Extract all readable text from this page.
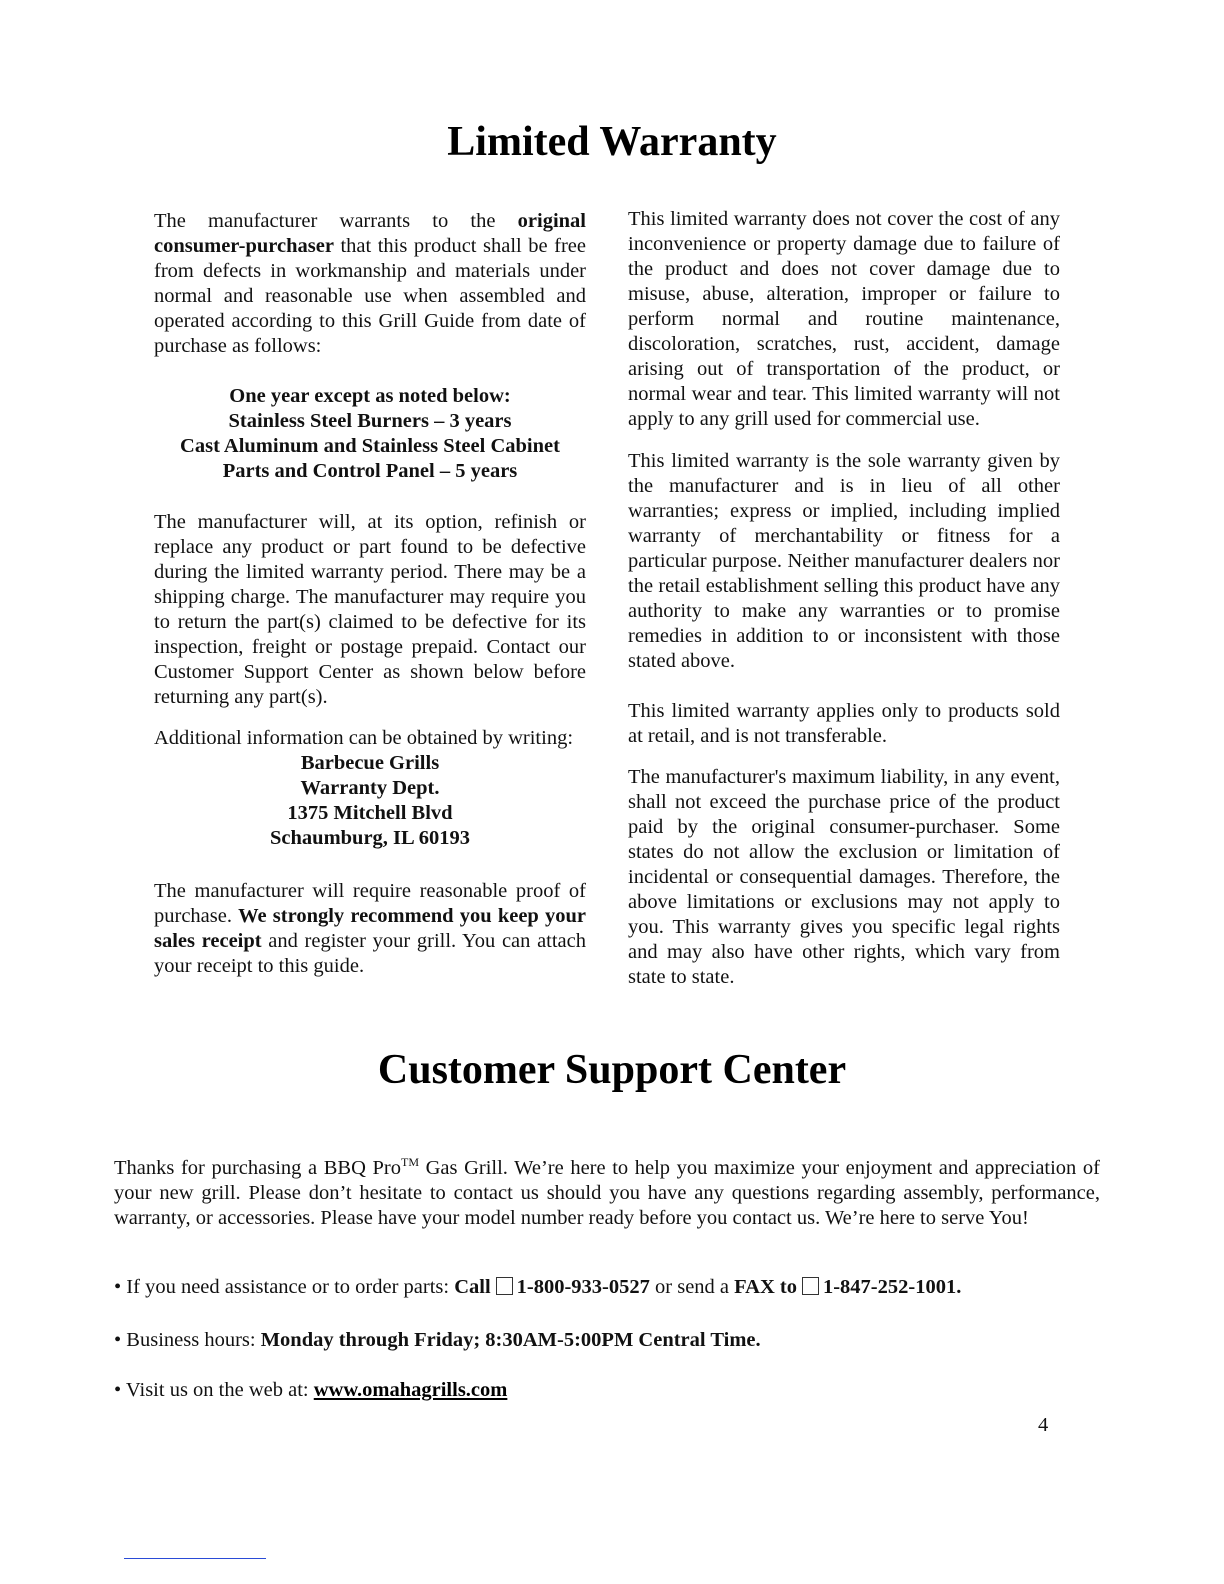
Limited Warranty

The manufacturer warrants to the original consumer-purchaser that this product shall be free from defects in workmanship and materials under normal and reasonable use when assembled and operated according to this Grill Guide from date of purchase as follows:

One year except as noted below:
Stainless Steel Burners – 3 years
Cast Aluminum and Stainless Steel Cabinet
Parts and Control Panel – 5 years

The manufacturer will, at its option, refinish or replace any product or part found to be defective during the limited warranty period. There may be a shipping charge. The manufacturer may require you to return the part(s) claimed to be defective for its inspection, freight or postage prepaid. Contact our Customer Support Center as shown below before returning any part(s).

Additional information can be obtained by writing:

Barbecue Grills
Warranty Dept.
1375 Mitchell Blvd
Schaumburg, IL 60193

The manufacturer will require reasonable proof of purchase. We strongly recommend you keep your sales receipt and register your grill. You can attach your receipt to this guide.

This limited warranty does not cover the cost of any inconvenience or property damage due to failure of the product and does not cover damage due to misuse, abuse, alteration, improper or failure to perform normal and routine maintenance, discoloration, scratches, rust, accident, damage arising out of transportation of the product, or normal wear and tear. This limited warranty will not apply to any grill used for commercial use.

This limited warranty is the sole warranty given by the manufacturer and is in lieu of all other warranties; express or implied, including implied warranty of merchantability or fitness for a particular purpose. Neither manufacturer dealers nor the retail establishment selling this product have any authority to make any warranties or to promise remedies in addition to or inconsistent with those stated above.

This limited warranty applies only to products sold at retail, and is not transferable.

The manufacturer's maximum liability, in any event, shall not exceed the purchase price of the product paid by the original consumer-purchaser. Some states do not allow the exclusion or limitation of incidental or consequential damages. Therefore, the above limitations or exclusions may not apply to you. This warranty gives you specific legal rights and may also have other rights, which vary from state to state.

Customer Support Center

Thanks for purchasing a BBQ Pro™ Gas Grill. We’re here to help you maximize your enjoyment and appreciation of your new grill. Please don’t hesitate to contact us should you have any questions regarding assembly, performance, warranty, or accessories. Please have your model number ready before you contact us. We’re here to serve You!

• If you need assistance or to order parts: Call 1-800-933-0527 or send a FAX to 1-847-252-1001.
• Business hours: Monday through Friday; 8:30AM-5:00PM Central Time.
• Visit us on the web at: www.omahagrills.com
4
